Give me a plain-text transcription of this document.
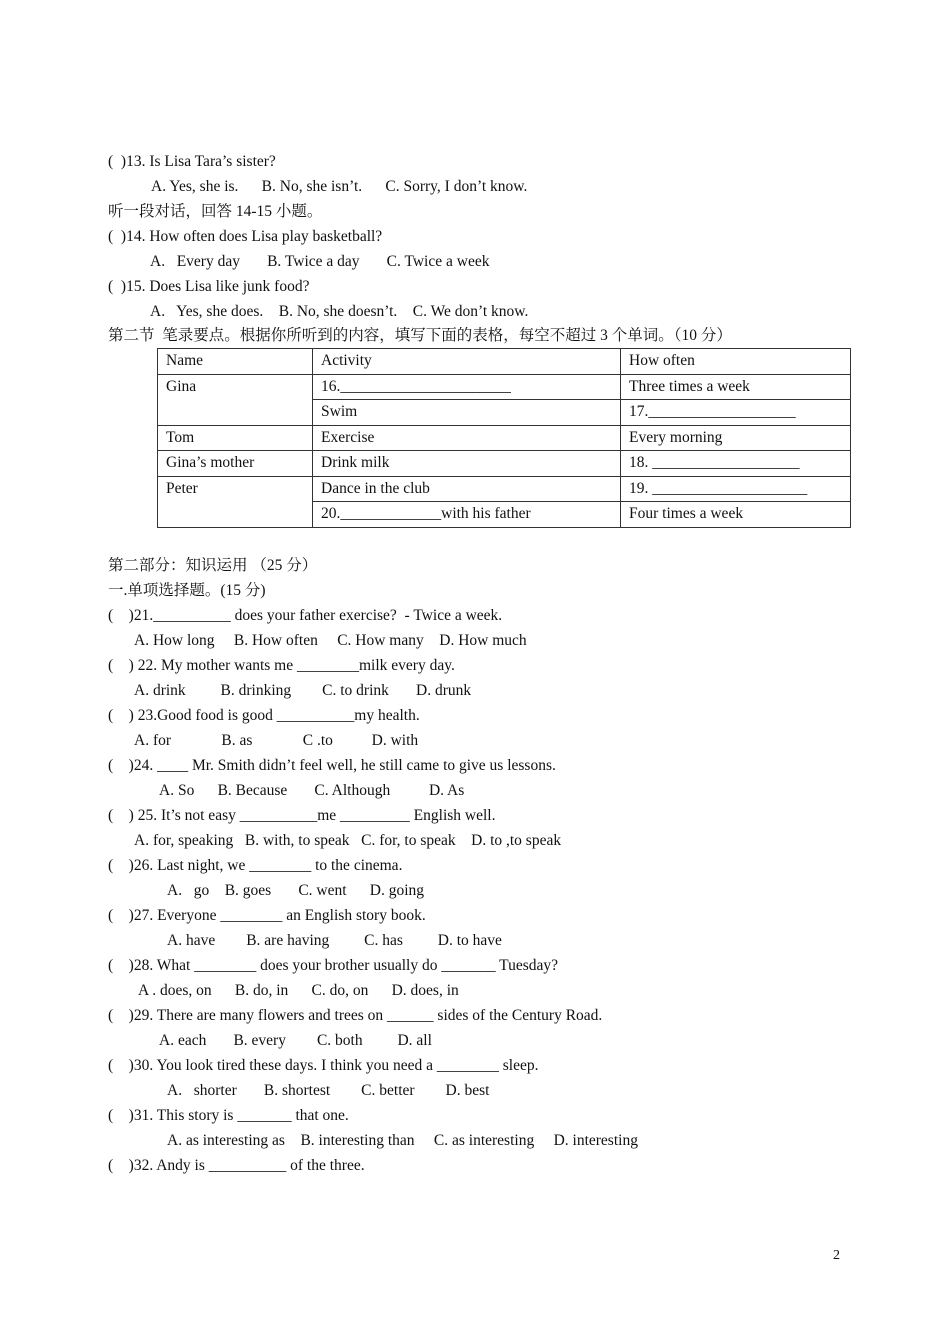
(  )13. Is Lisa Tara’s sister?
A. Yes, she is.      B. No, she isn’t.      C. Sorry, I don’t know.
听一段对话，回答 14-15 小题。
(  )14. How often does Lisa play basketball?
A.   Every day       B. Twice a day       C. Twice a week
(  )15. Does Lisa like junk food?
A.   Yes, she does.    B. No, she doesn’t.    C. We don’t know.
第二节  笔录要点。根据你所听到的内容，填写下面的表格，每空不超过 3 个单词。（10 分）
Name	Activity	How often
Gina	16.______________________	Three times a week
	Swim	17.___________________
Tom	Exercise	Every morning
Gina’s mother	Drink milk	18. ___________________
Peter	Dance in the club	19. ____________________
	20._____________with his father	Four times a week
第二部分：知识运用 （25 分）
一.单项选择题。(15 分)
(    )21.__________ does your father exercise?  - Twice a week.
A. How long     B. How often     C. How many    D. How much
(    ) 22. My mother wants me ________milk every day.
A. drink         B. drinking        C. to drink       D. drunk
(    ) 23.Good food is good __________my health.
A. for             B. as             C .to          D. with
(    )24. ____ Mr. Smith didn’t feel well, he still came to give us lessons.
A. So      B. Because       C. Although          D. As
(    ) 25. It’s not easy __________me _________ English well.
A. for, speaking   B. with, to speak   C. for, to speak    D. to ,to speak
(    )26. Last night, we ________ to the cinema.
A.   go    B. goes       C. went      D. going
(    )27. Everyone ________ an English story book.
A. have        B. are having         C. has         D. to have
(    )28. What ________ does your brother usually do _______ Tuesday?
A . does, on      B. do, in      C. do, on      D. does, in
(    )29. There are many flowers and trees on ______ sides of the Century Road.
A. each       B. every        C. both         D. all
(    )30. You look tired these days. I think you need a ________ sleep.
A.   shorter       B. shortest        C. better        D. best
(    )31. This story is _______ that one.
A. as interesting as    B. interesting than     C. as interesting     D. interesting
(    )32. Andy is __________ of the three.
2
